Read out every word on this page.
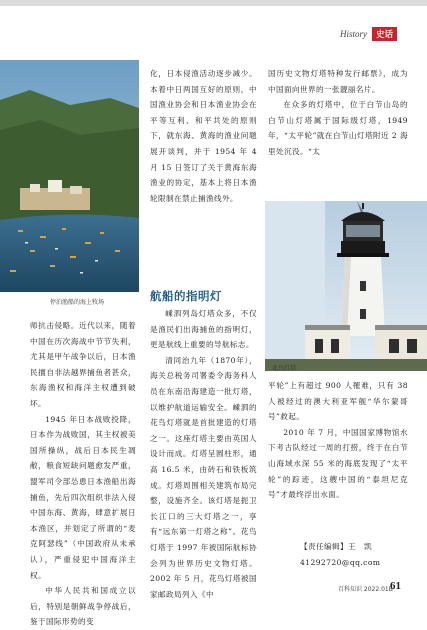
History	史话
停泊渔船的海上牧场

师抗击侵略。近代以来，随着中国在历次海战中节节失利，尤其是甲午战争以后，日本渔民擅自非法越界捕鱼者甚众，东海渔权和海洋主权遭到破坏。

1945 年日本战败投降，日本作为战败国，其主权被美国所操纵，战后日本民生凋敝，粮食短缺问题愈发严重，盟军司令部怂恿日本渔船出海捕鱼，先后四次组织非法入侵中国东海、黄海，肆意扩展日本渔区，并划定了所谓的“麦克阿瑟线”（中国政府从未承认），严重侵犯中国海洋主权。

中华人民共和国成立以后，特别是朝鲜战争停战后，鉴于国际形势的变

化，日本侵渔活动逐步减少。本着中日两国互好的原则，中国渔业协会和日本渔业协会在平等互利、和平共处的原则下，就东海、黄海的渔业问题展开谈判，并于 1954 年 4 月 15 日签订了关于黄海东海渔业的协定，基本上将日本渔轮限制在禁止捕渔线外。

航船的指明灯

嵊泗列岛灯塔众多，不仅是渔民们出海捕鱼的指明灯，更是航线上重要的导航标志。

清同治九年（1870年），海关总税务司署委令海务科人员在东南沿海建造一批灯塔，以维护航道运输安全。嵊泗的花鸟灯塔就是首批建造的灯塔之一。这座灯塔主要由英国人设计而成。灯塔呈圆柱形，通高 16.5 米，由砖石和铁板筑成。灯塔周围相关建筑布局完整，设施齐全。该灯塔是扼卫长江口的三大灯塔之一，享有“远东第一灯塔之称”。花鸟灯塔于 1997 年被国际航标协会列为世界历史文物灯塔。2002 年 5 月，花鸟灯塔被国家邮政局列入《中

国历史文物灯塔特种发行邮票》，成为中国面向世界的一张靓丽名片。

在众多的灯塔中，位于白节山岛的白节山灯塔属于国际级灯塔，1949 年，“太平轮”就在白节山灯塔附近 2 海里处沉没。“太

花鸟灯塔

平轮”上有超过 900 人罹难，只有 38 人被经过的澳大利亚军舰“华尔蒙哥号”救起。

2010 年 7 月，中国国家博物馆水下考古队经过一周的打捞，终于在白节山海域水深 55 米的海底发现了“太平轮”的踪迹，这艘中国的“泰坦尼克号”才最终浮出水面。

【责任编辑】王　凯
41292720@qq.com
百科知识 2022.01B
61
